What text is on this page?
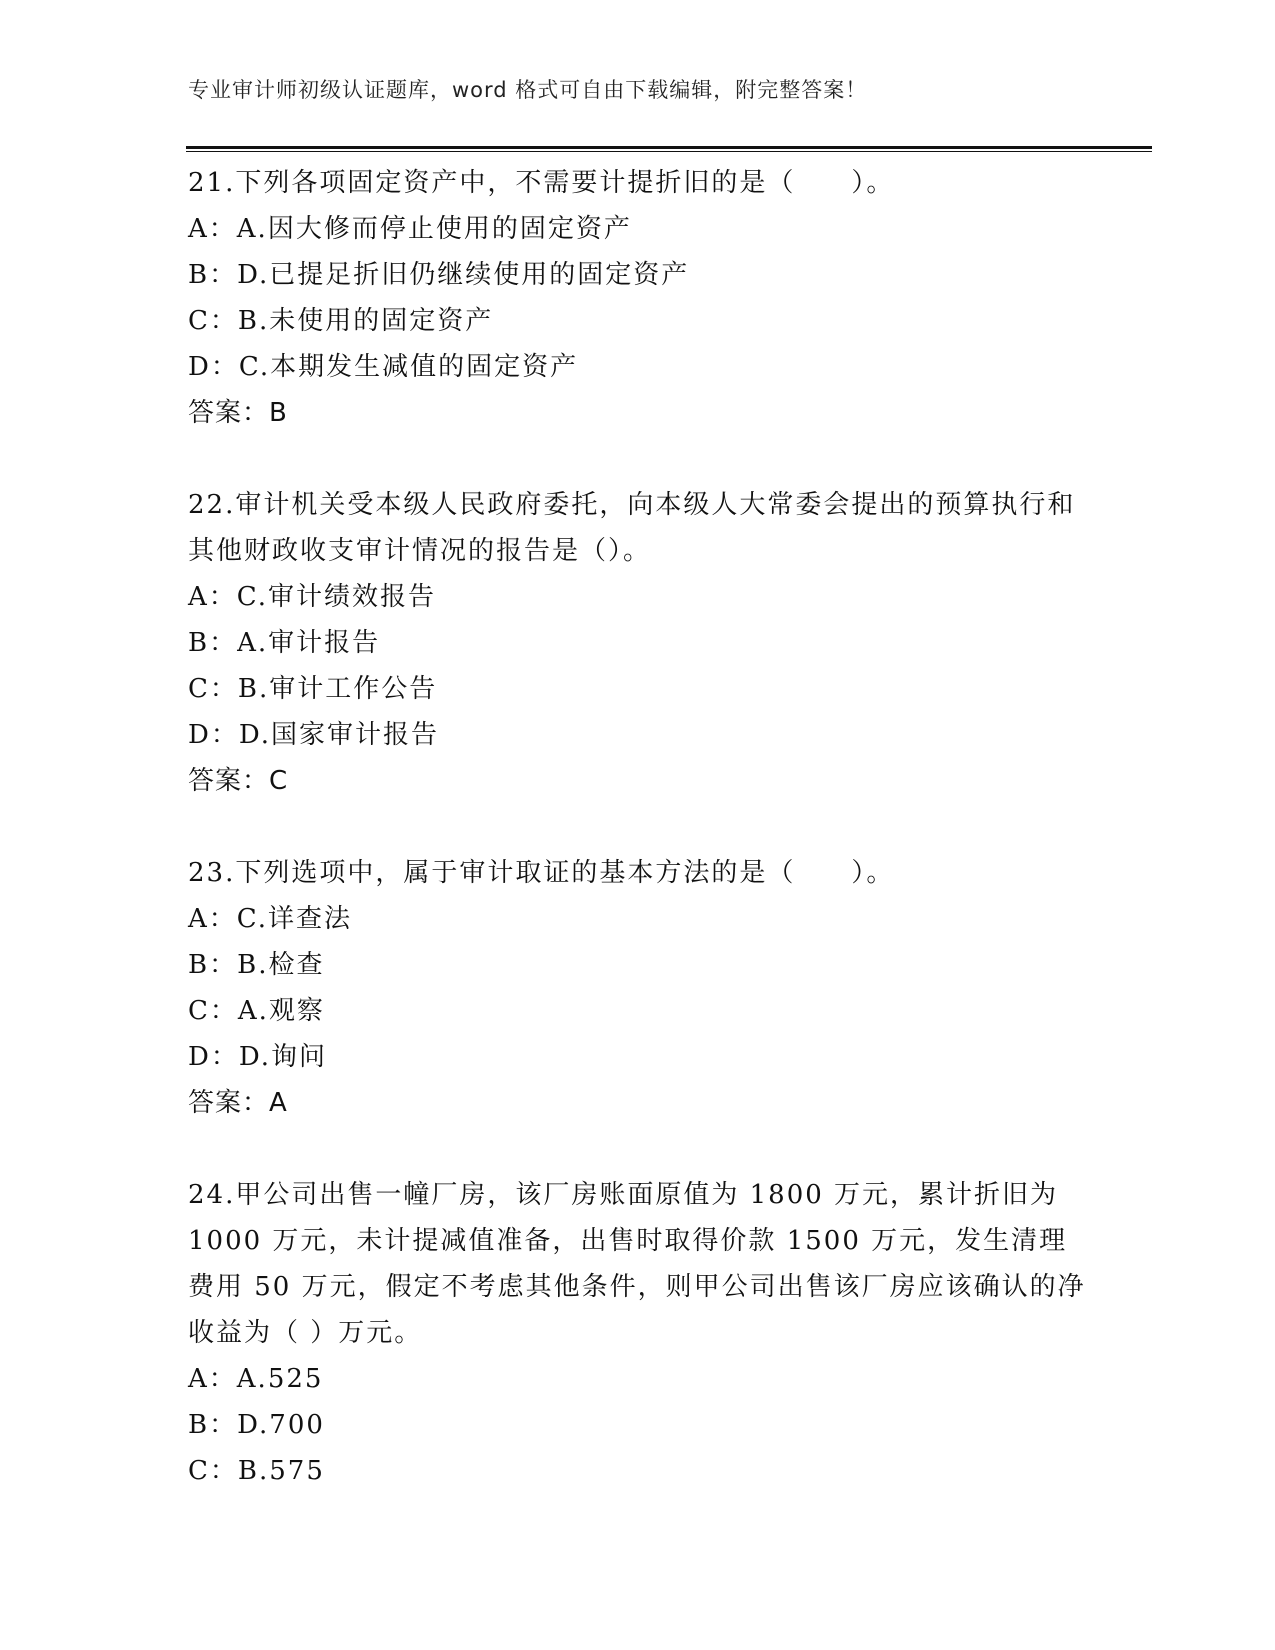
专业审计师初级认证题库，word 格式可自由下载编辑，附完整答案！

21.下列各项固定资产中，不需要计提折旧的是（　　）。

A：A.因大修而停止使用的固定资产

B：D.已提足折旧仍继续使用的固定资产

C：B.未使用的固定资产

D：C.本期发生减值的固定资产

答案：B

22.审计机关受本级人民政府委托，向本级人大常委会提出的预算执行和其他财政收支审计情况的报告是（）。

A：C.审计绩效报告

B：A.审计报告

C：B.审计工作公告

D：D.国家审计报告

答案：C

23.下列选项中，属于审计取证的基本方法的是（　　）。

A：C.详查法

B：B.检查

C：A.观察

D：D.询问

答案：A

24.甲公司出售一幢厂房，该厂房账面原值为 1800 万元，累计折旧为 1000 万元，未计提减值准备，出售时取得价款 1500 万元，发生清理费用 50 万元，假定不考虑其他条件，则甲公司出售该厂房应该确认的净收益为（ ）万元。

A：A.525

B：D.700

C：B.575
